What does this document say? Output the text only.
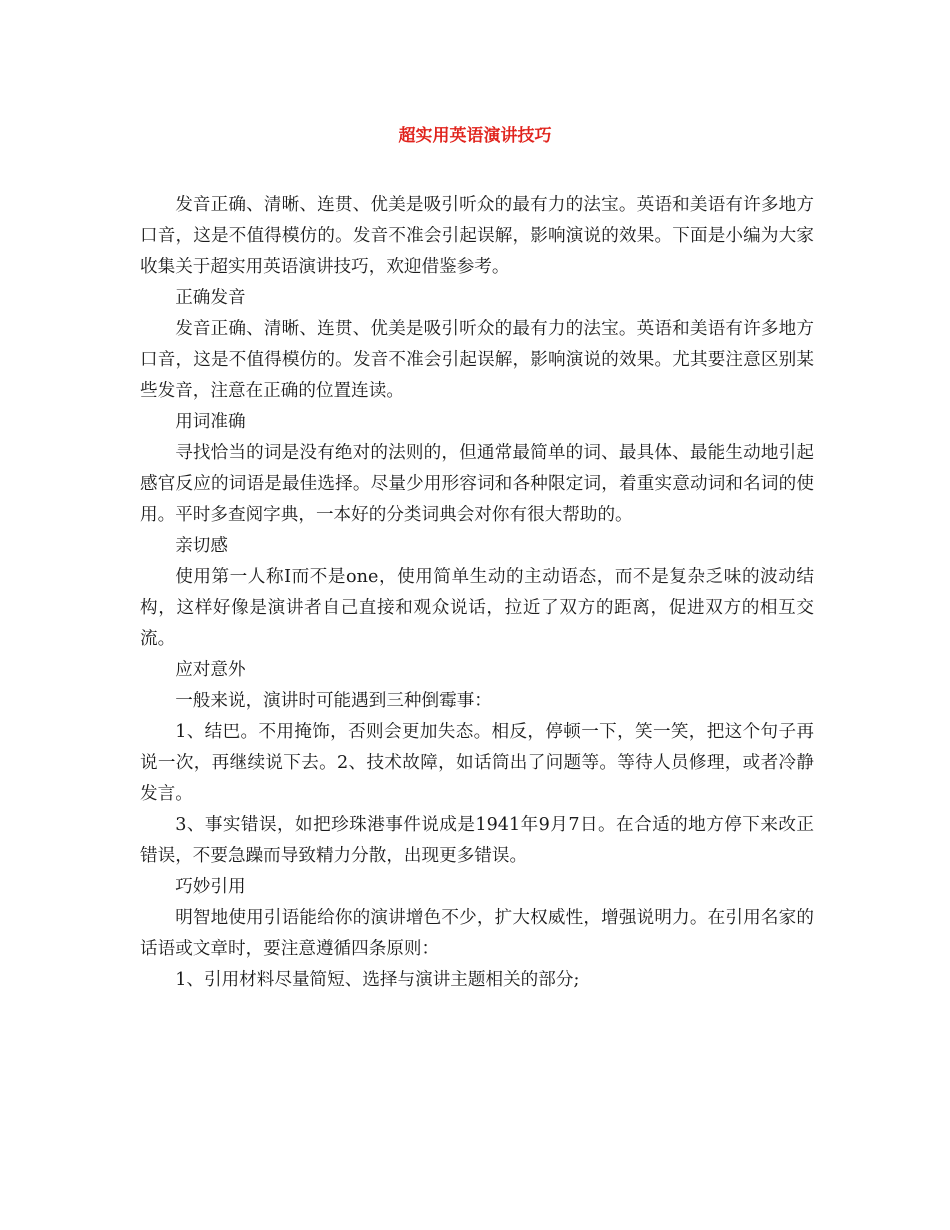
超实用英语演讲技巧

发音正确、清晰、连贯、优美是吸引听众的最有力的法宝。英语和美语有许多地方口音，这是不值得模仿的。发音不准会引起误解，影响演说的效果。下面是小编为大家收集关于超实用英语演讲技巧，欢迎借鉴参考。

正确发音

发音正确、清晰、连贯、优美是吸引听众的最有力的法宝。英语和美语有许多地方口音，这是不值得模仿的。发音不准会引起误解，影响演说的效果。尤其要注意区别某些发音，注意在正确的位置连读。

用词准确

寻找恰当的词是没有绝对的法则的，但通常最简单的词、最具体、最能生动地引起感官反应的词语是最佳选择。尽量少用形容词和各种限定词，着重实意动词和名词的使用。平时多查阅字典，一本好的分类词典会对你有很大帮助的。

亲切感

使用第一人称I而不是one，使用简单生动的主动语态，而不是复杂乏味的波动结构，这样好像是演讲者自己直接和观众说话，拉近了双方的距离，促进双方的相互交流。

应对意外

一般来说，演讲时可能遇到三种倒霉事：

1、结巴。不用掩饰，否则会更加失态。相反，停顿一下，笑一笑，把这个句子再说一次，再继续说下去。2、技术故障，如话筒出了问题等。等待人员修理，或者冷静发言。

3、事实错误，如把珍珠港事件说成是1941年9月7日。在合适的地方停下来改正错误，不要急躁而导致精力分散，出现更多错误。

巧妙引用

明智地使用引语能给你的演讲增色不少，扩大权威性，增强说明力。在引用名家的话语或文章时，要注意遵循四条原则：

1、引用材料尽量简短、选择与演讲主题相关的部分;
